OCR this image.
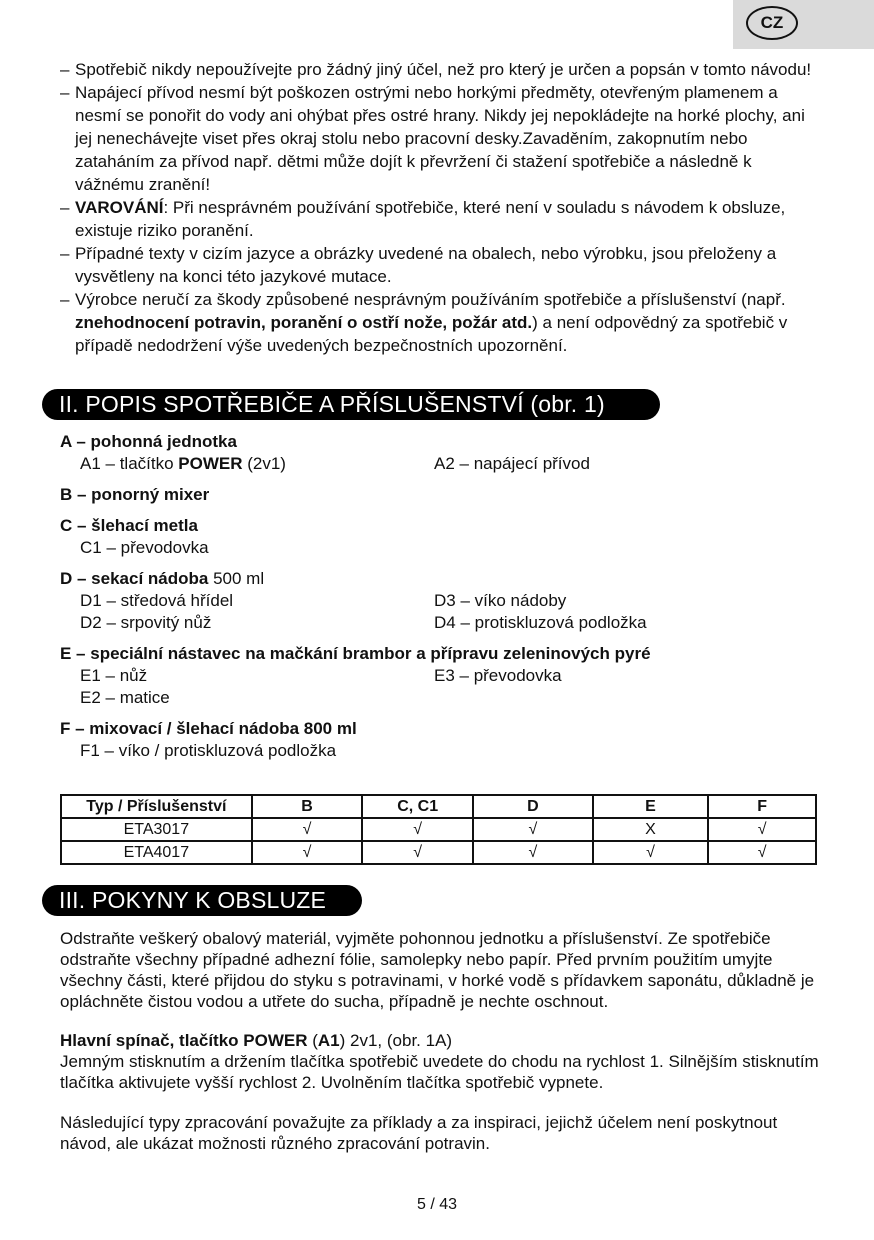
CZ
– Spotřebič nikdy nepoužívejte pro žádný jiný účel, než pro který je určen a popsán v tomto návodu!
– Napájecí přívod nesmí být poškozen ostrými nebo horkými předměty, otevřeným plamenem a nesmí se ponořit do vody ani ohýbat přes ostré hrany. Nikdy jej nepokládejte na horké plochy, ani jej nenechávejte viset přes okraj stolu nebo pracovní desky.Zavaděním, zakopnutím nebo zataháním za přívod např. dětmi může dojít k převržení či stažení spotřebiče a následně k vážnému zranění!
– VAROVÁNÍ: Při nesprávném používání spotřebiče, které není v souladu s návodem k obsluze, existuje riziko poranění.
– Případné texty v cizím jazyce a obrázky uvedené na obalech, nebo výrobku, jsou přeloženy a vysvětleny na konci této jazykové mutace.
– Výrobce neručí za škody způsobené nesprávným používáním spotřebiče a příslušenství (např. znehodnocení potravin, poranění o ostří nože, požár atd.) a není odpovědný za spotřebič v případě nedodržení výše uvedených bezpečnostních upozornění.
II. POPIS SPOTŘEBIČE A PŘÍSLUŠENSTVÍ (obr. 1)
A – pohonná jednotka
A1 – tlačítko POWER (2v1)	A2 – napájecí přívod
B – ponorný mixer
C – šlehací metla
C1 – převodovka
D – sekací nádoba 500 ml
D1 – středová hřídel	D3 – víko nádoby
D2 – srpovitý nůž	D4 – protiskluzová podložka
E – speciální nástavec na mačkání brambor a přípravu zeleninových pyré
E1 – nůž	E3 – převodovka
E2 – matice
F – mixovací / šlehací nádoba 800 ml
F1 – víko / protiskluzová podložka
Typ / Příslušenství	B	C, C1	D	E	F
ETA3017	√	√	√	X	√
ETA4017	√	√	√	√	√
III. POKYNY K OBSLUZE
Odstraňte veškerý obalový materiál, vyjměte pohonnou jednotku a příslušenství. Ze spotřebiče odstraňte všechny případné adhezní fólie, samolepky nebo papír. Před prvním použitím umyjte všechny části, které přijdou do styku s potravinami, v horké vodě s přídavkem saponátu, důkladně je opláchněte čistou vodou a utřete do sucha, případně je nechte oschnout.
Hlavní spínač, tlačítko POWER (A1) 2v1, (obr. 1A)
Jemným stisknutím a držením tlačítka spotřebič uvedete do chodu na rychlost 1. Silnějším stisknutím tlačítka aktivujete vyšší rychlost 2. Uvolněním tlačítka spotřebič vypnete.
Následující typy zpracování považujte za příklady a za inspiraci, jejichž účelem není poskytnout návod, ale ukázat možnosti různého zpracování potravin.
5 / 43
